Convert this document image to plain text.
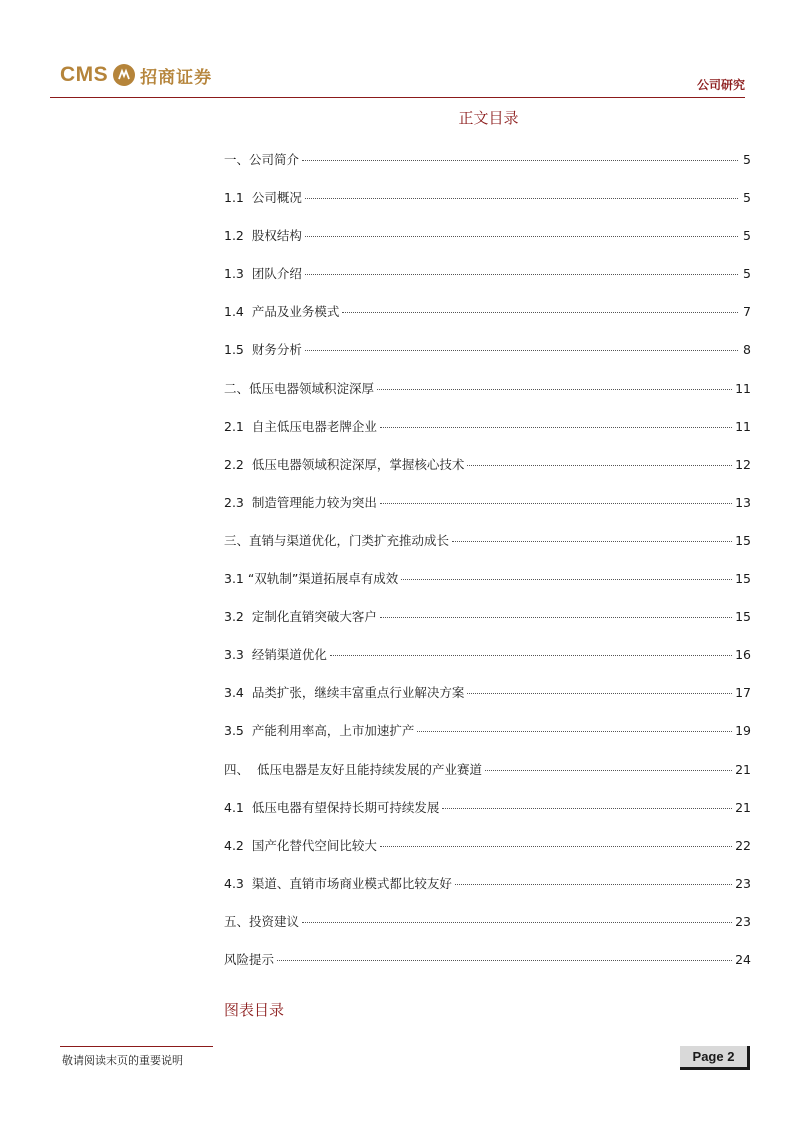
CMS 招商证券	公司研究
正文目录
一、公司简介	5
1.1  公司概况	5
1.2  股权结构	5
1.3  团队介绍	5
1.4  产品及业务模式	7
1.5  财务分析	8
二、低压电器领域积淀深厚	11
2.1  自主低压电器老牌企业	11
2.2  低压电器领域积淀深厚，掌握核心技术	12
2.3  制造管理能力较为突出	13
三、直销与渠道优化，门类扩充推动成长	15
3.1 “双轨制”渠道拓展卓有成效	15
3.2  定制化直销突破大客户	15
3.3  经销渠道优化	16
3.4  品类扩张，继续丰富重点行业解决方案	17
3.5  产能利用率高，上市加速扩产	19
四、  低压电器是友好且能持续发展的产业赛道	21
4.1  低压电器有望保持长期可持续发展	21
4.2  国产化替代空间比较大	22
4.3  渠道、直销市场商业模式都比较友好	23
五、投资建议	23
风险提示	24
图表目录
敬请阅读末页的重要说明	Page 2
